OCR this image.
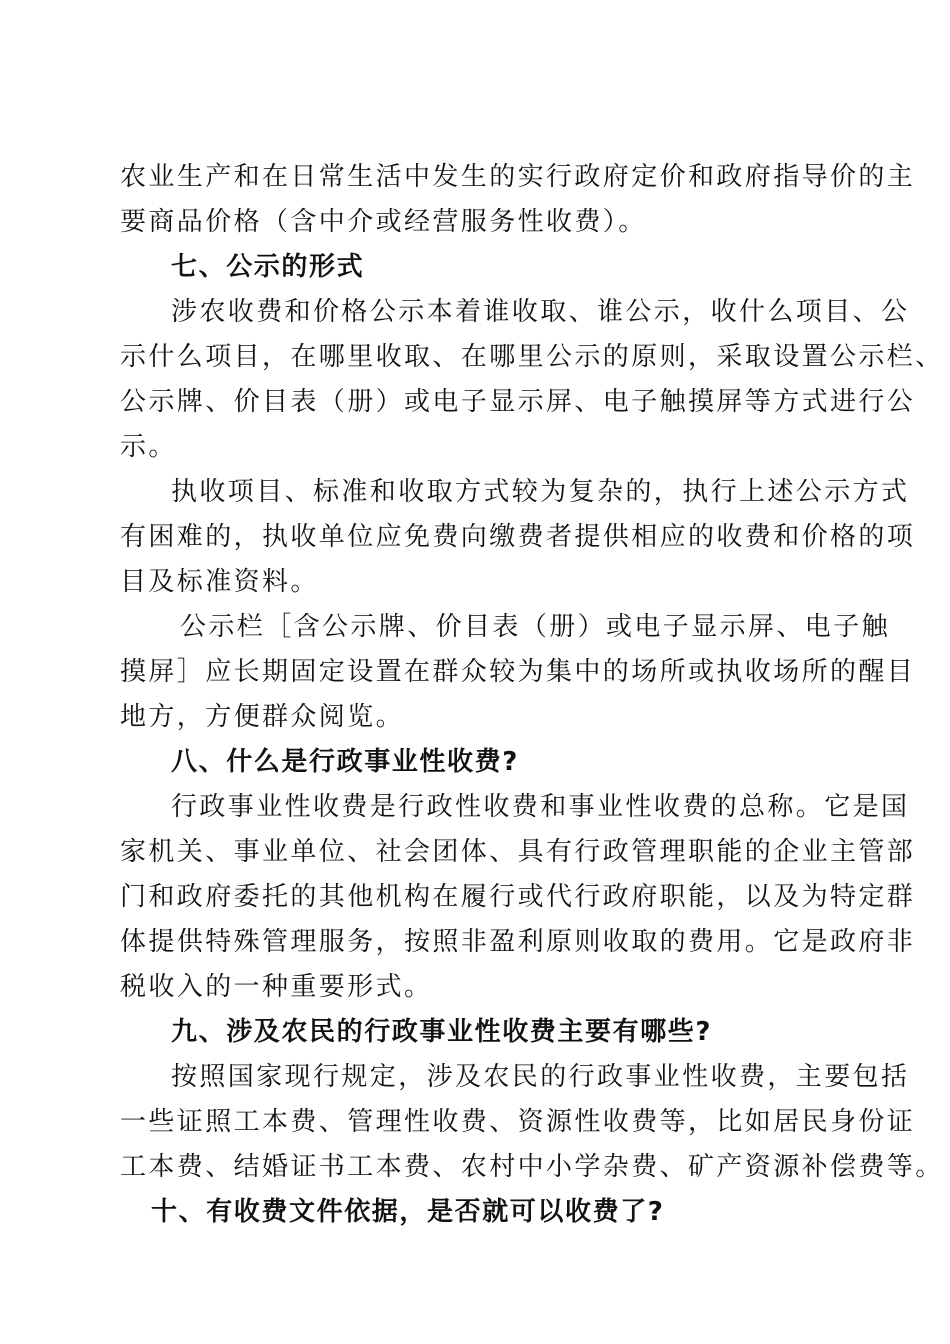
农业生产和在日常生活中发生的实行政府定价和政府指导价的主
要商品价格（含中介或经营服务性收费）。
七、公示的形式
涉农收费和价格公示本着谁收取、谁公示，收什么项目、公
示什么项目，在哪里收取、在哪里公示的原则，采取设置公示栏、
公示牌、价目表（册）或电子显示屏、电子触摸屏等方式进行公
示。
执收项目、标准和收取方式较为复杂的，执行上述公示方式
有困难的，执收单位应免费向缴费者提供相应的收费和价格的项
目及标准资料。
公示栏［含公示牌、价目表（册）或电子显示屏、电子触
摸屏］应长期固定设置在群众较为集中的场所或执收场所的醒目
地方，方便群众阅览。
八、什么是行政事业性收费?
行政事业性收费是行政性收费和事业性收费的总称。它是国
家机关、事业单位、社会团体、具有行政管理职能的企业主管部
门和政府委托的其他机构在履行或代行政府职能，以及为特定群
体提供特殊管理服务，按照非盈利原则收取的费用。它是政府非
税收入的一种重要形式。
九、涉及农民的行政事业性收费主要有哪些?
按照国家现行规定，涉及农民的行政事业性收费，主要包括
一些证照工本费、管理性收费、资源性收费等，比如居民身份证
工本费、结婚证书工本费、农村中小学杂费、矿产资源补偿费等。
十、有收费文件依据，是否就可以收费了?
